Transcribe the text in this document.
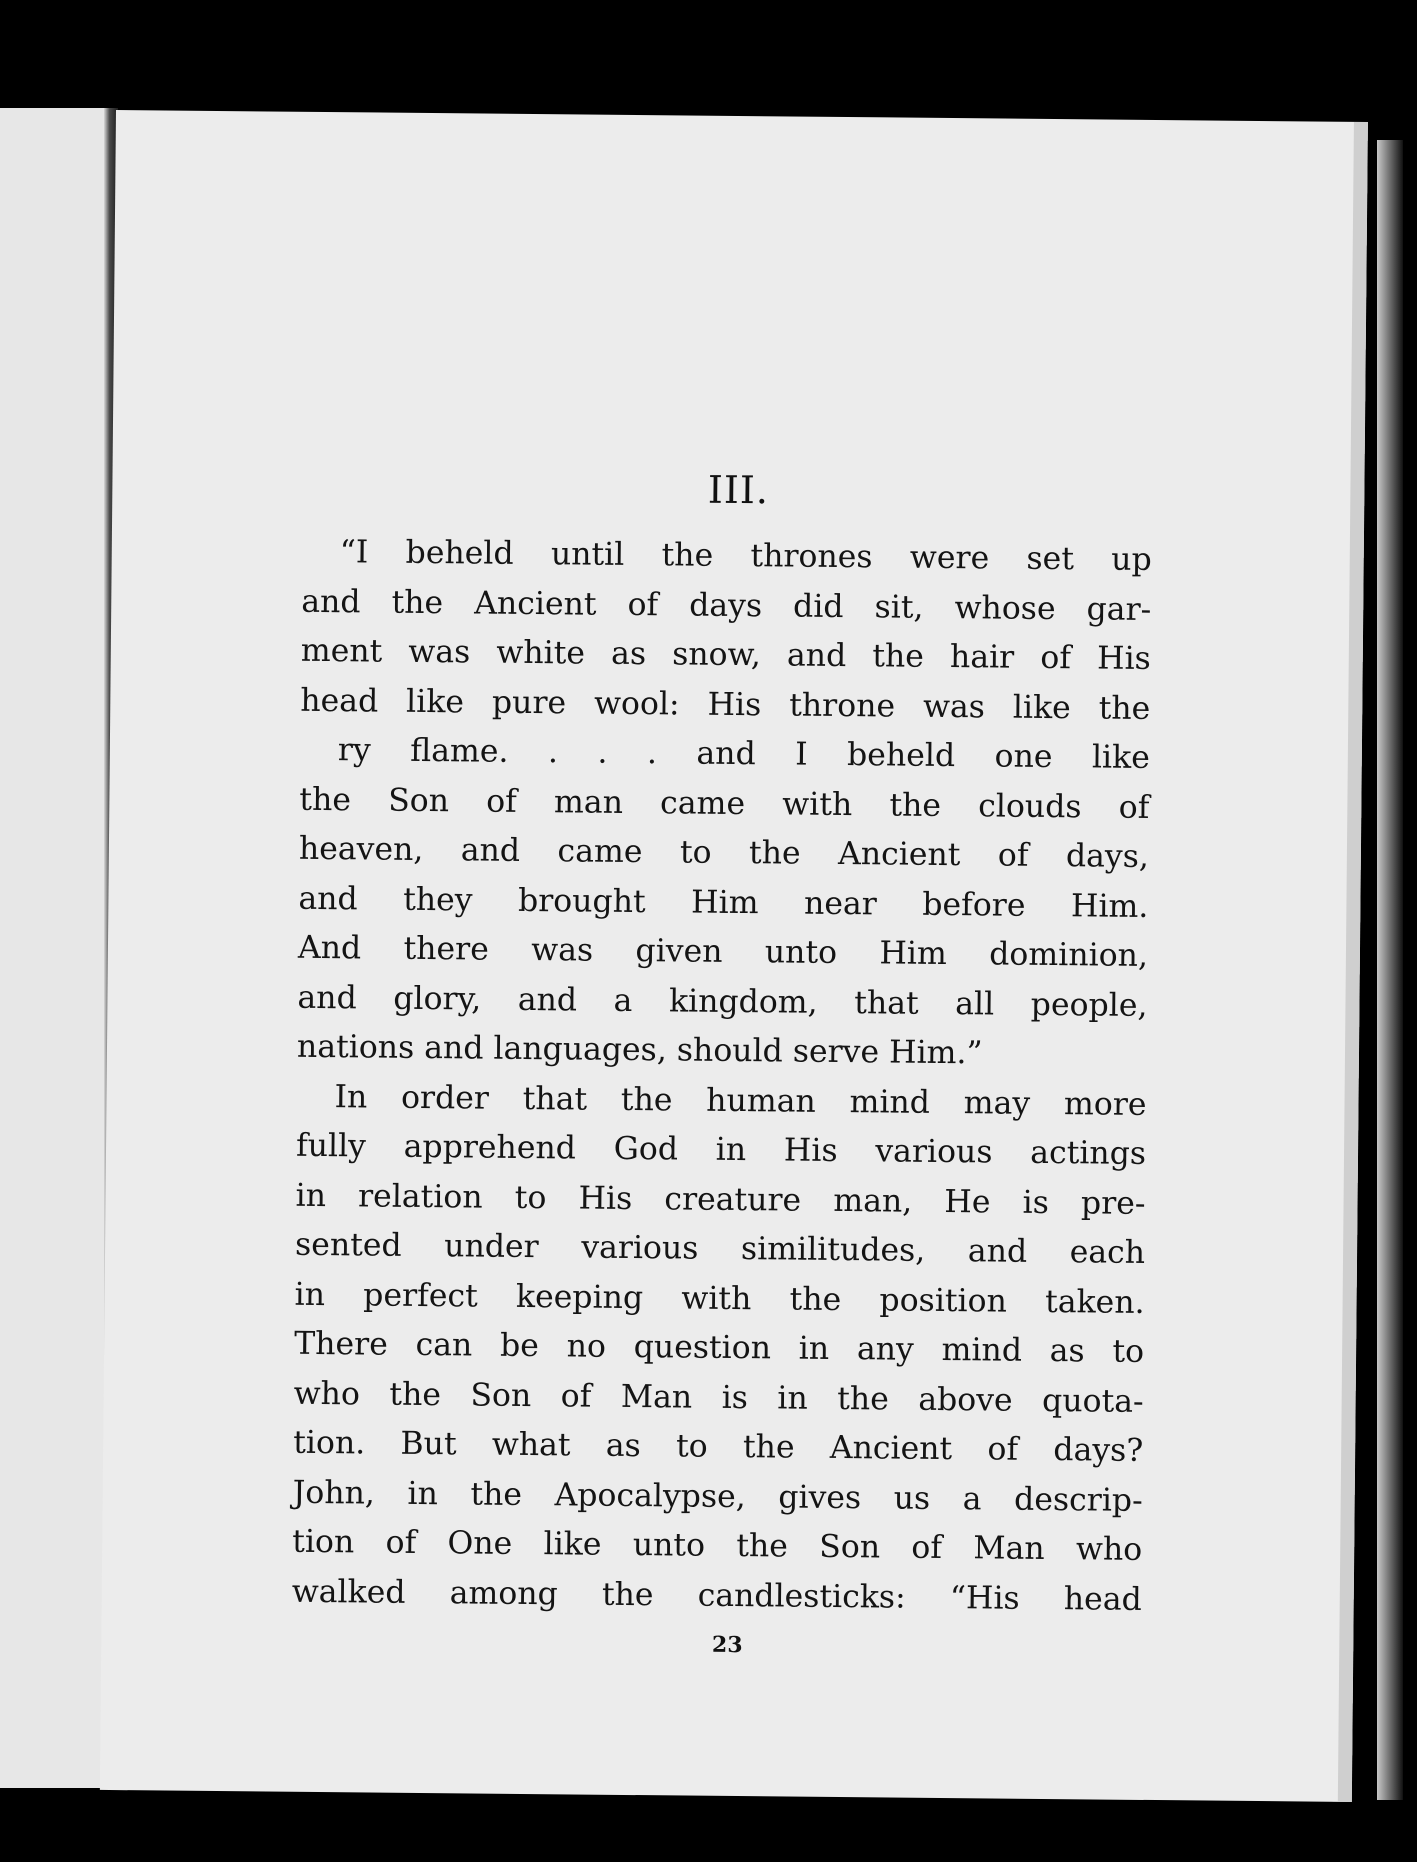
III.
“I beheld until the thrones were set up
and the Ancient of days did sit, whose gar-
ment was white as snow, and the hair of His
head like pure wool: His throne was like the
ry flame. . . . and I beheld one like
the Son of man came with the clouds of
heaven, and came to the Ancient of days,
and they brought Him near before Him.
And there was given unto Him dominion,
and glory, and a kingdom, that all people,
nations and languages, should serve Him.”
In order that the human mind may more
fully apprehend God in His various actings
in relation to His creature man, He is pre-
sented under various similitudes, and each
in perfect keeping with the position taken.
There can be no question in any mind as to
who the Son of Man is in the above quota-
tion. But what as to the Ancient of days?
John, in the Apocalypse, gives us a descrip-
tion of One like unto the Son of Man who
walked among the candlesticks: “His head
23
